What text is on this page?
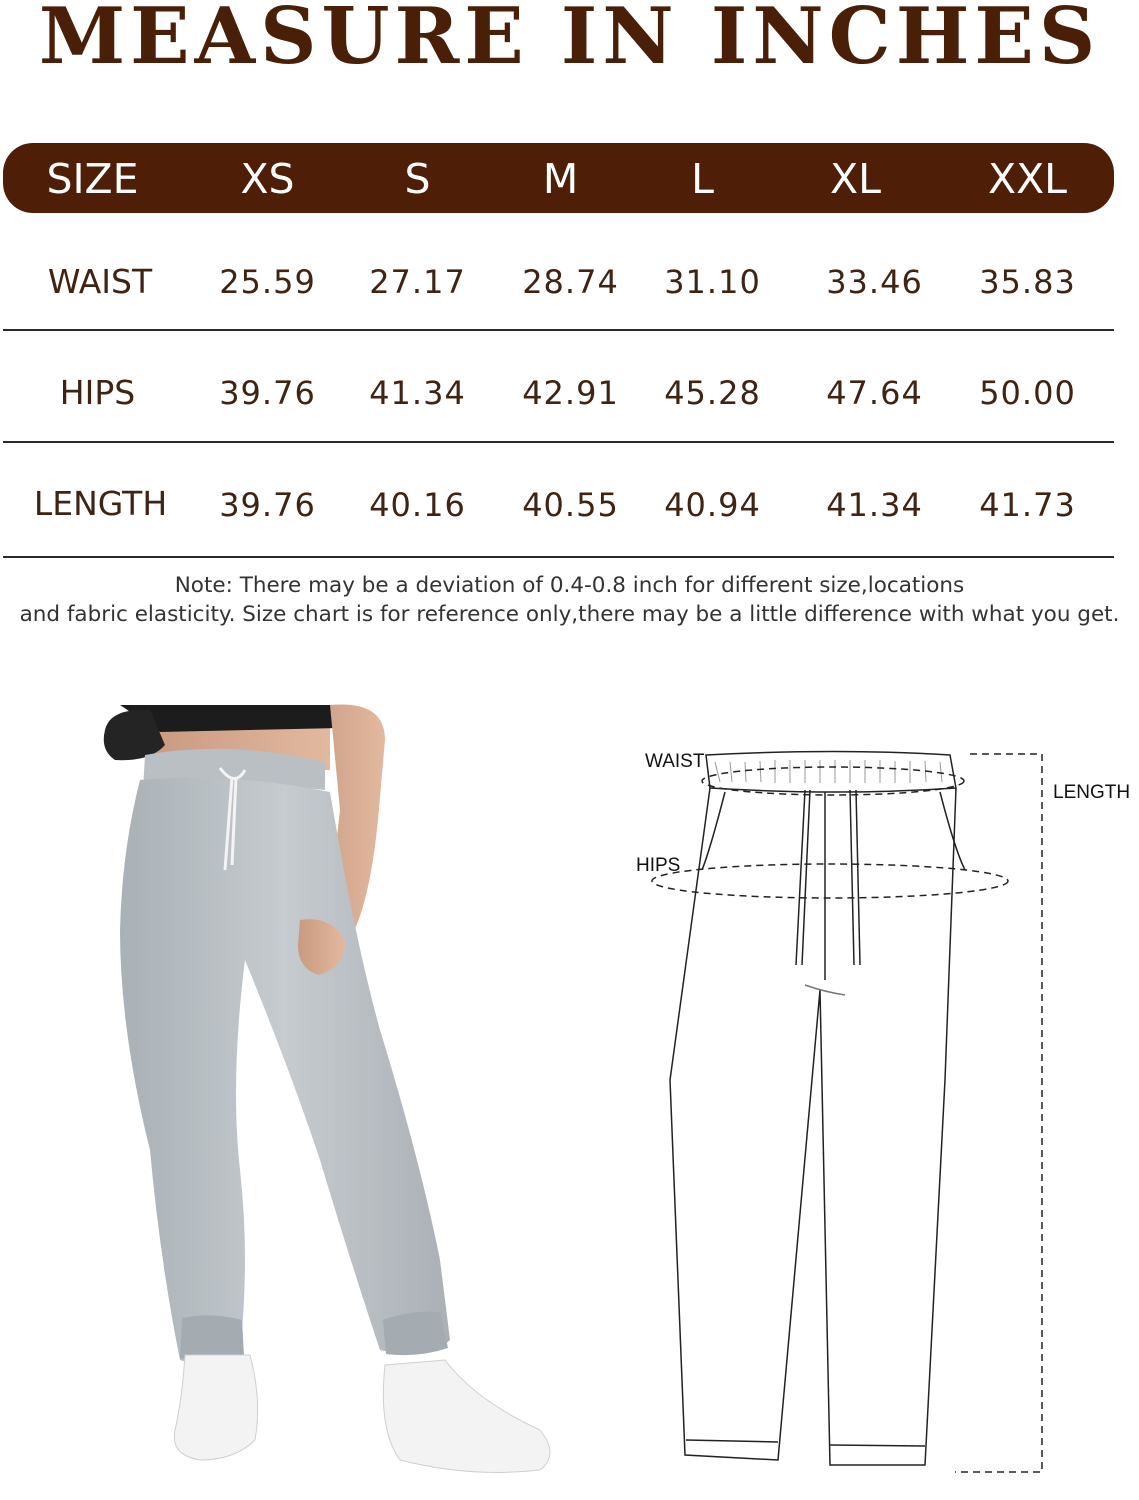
MEASURE IN INCHES
SIZE	XS	S	M	L	XL	XXL
WAIST	25.59	27.17	28.74	31.10	33.46	35.83
HIPS	39.76	41.34	42.91	45.28	47.64	50.00
LENGTH	39.76	40.16	40.55	40.94	41.34	41.73
Note: There may be a deviation of 0.4-0.8 inch for different size,locations
and fabric elasticity. Size chart is for reference only,there may be a little difference with what you get.
WAIST
HIPS
LENGTH
